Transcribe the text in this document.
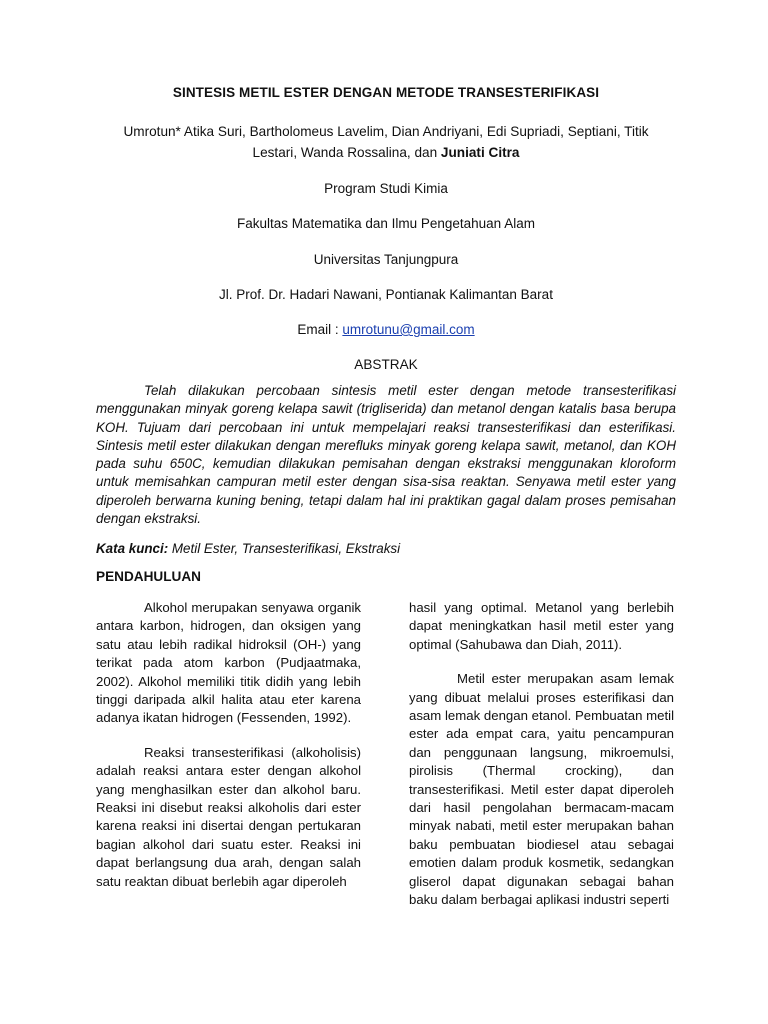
SINTESIS METIL ESTER DENGAN METODE TRANSESTERIFIKASI
Umrotun* Atika Suri, Bartholomeus Lavelim, Dian Andriyani, Edi Supriadi, Septiani, Titik
Lestari, Wanda Rossalina, dan Juniati Citra
Program Studi Kimia
Fakultas Matematika dan Ilmu Pengetahuan Alam
Universitas Tanjungpura
Jl. Prof. Dr. Hadari Nawani, Pontianak Kalimantan Barat
Email : umrotunu@gmail.com
ABSTRAK

Telah dilakukan percobaan sintesis metil ester dengan metode transesterifikasi menggunakan minyak goreng kelapa sawit (trigliserida) dan metanol dengan katalis basa berupa KOH. Tujuam dari percobaan ini untuk mempelajari reaksi transesterifikasi dan esterifikasi. Sintesis metil ester dilakukan dengan merefluks minyak goreng kelapa sawit, metanol, dan KOH pada suhu 650C, kemudian dilakukan pemisahan dengan ekstraksi menggunakan kloroform untuk memisahkan campuran metil ester dengan sisa-sisa reaktan. Senyawa metil ester yang diperoleh berwarna kuning bening, tetapi dalam hal ini praktikan gagal dalam proses pemisahan dengan ekstraksi.

Kata kunci: Metil Ester, Transesterifikasi, Ekstraksi

PENDAHULUAN

Alkohol merupakan senyawa organik antara karbon, hidrogen, dan oksigen yang satu atau lebih radikal hidroksil (OH-) yang terikat pada atom karbon (Pudjaatmaka, 2002). Alkohol memiliki titik didih yang lebih tinggi daripada alkil halita atau eter karena adanya ikatan hidrogen (Fessenden, 1992).

Reaksi transesterifikasi (alkoholisis) adalah reaksi antara ester dengan alkohol yang menghasilkan ester dan alkohol baru. Reaksi ini disebut reaksi alkoholis dari ester karena reaksi ini disertai dengan pertukaran bagian alkohol dari suatu ester. Reaksi ini dapat berlangsung dua arah, dengan salah satu reaktan dibuat berlebih agar diperoleh

hasil yang optimal. Metanol yang berlebih dapat meningkatkan hasil metil ester yang optimal (Sahubawa dan Diah, 2011).

Metil ester merupakan asam lemak yang dibuat melalui proses esterifikasi dan asam lemak dengan etanol. Pembuatan metil ester ada empat cara, yaitu pencampuran dan penggunaan langsung, mikroemulsi, pirolisis (Thermal crocking), dan transesterifikasi. Metil ester dapat diperoleh dari hasil pengolahan bermacam-macam minyak nabati, metil ester merupakan bahan baku pembuatan biodiesel atau sebagai emotien dalam produk kosmetik, sedangkan gliserol dapat digunakan sebagai bahan baku dalam berbagai aplikasi industri seperti
